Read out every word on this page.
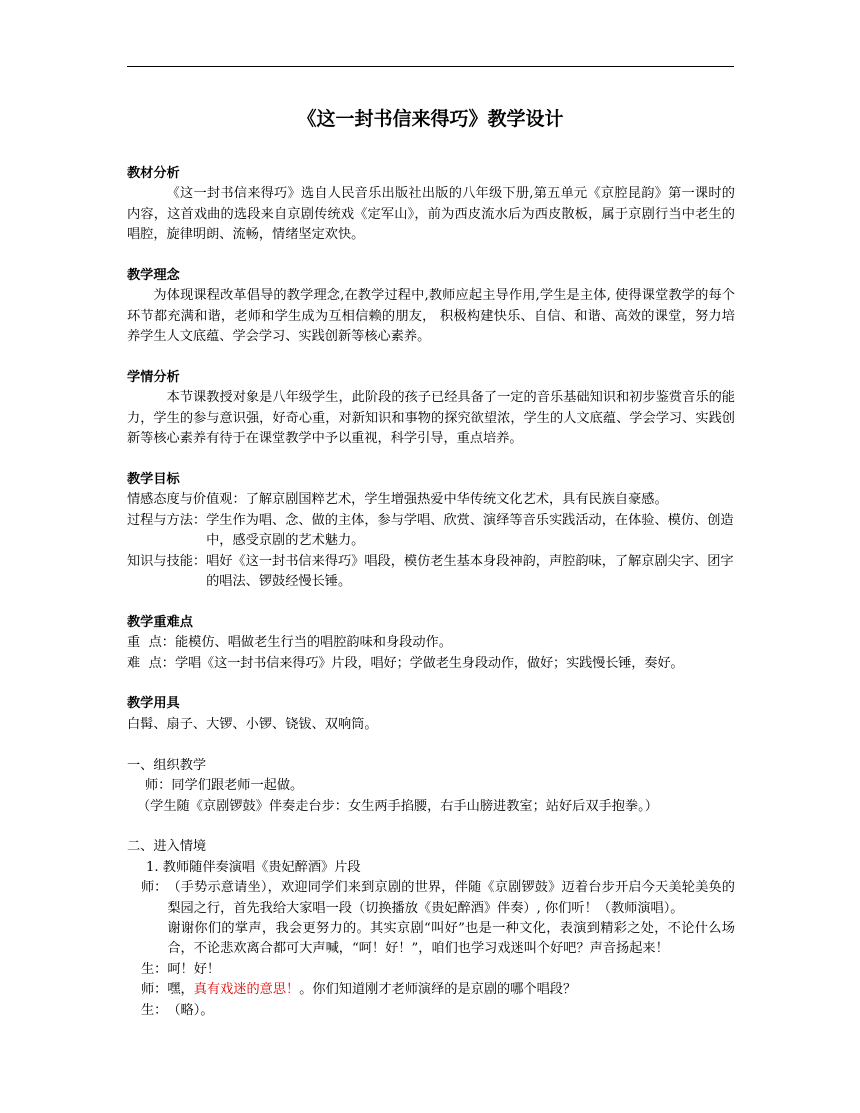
《这一封书信来得巧》教学设计
教材分析
《这一封书信来得巧》选自人民音乐出版社出版的八年级下册,第五单元《京腔昆韵》第一课时的内容，这首戏曲的选段来自京剧传统戏《定军山》，前为西皮流水后为西皮散板，属于京剧行当中老生的唱腔，旋律明朗、流畅，情绪坚定欢快。
教学理念
为体现课程改革倡导的教学理念,在教学过程中,教师应起主导作用,学生是主体, 使得课堂教学的每个环节都充满和谐，老师和学生成为互相信赖的朋友， 积极构建快乐、自信、和谐、高效的课堂，努力培养学生人文底蕴、学会学习、实践创新等核心素养。
学情分析
本节课教授对象是八年级学生，此阶段的孩子已经具备了一定的音乐基础知识和初步鉴赏音乐的能力，学生的参与意识强，好奇心重，对新知识和事物的探究欲望浓，学生的人文底蕴、学会学习、实践创新等核心素养有待于在课堂教学中予以重视，科学引导，重点培养。
教学目标
情感态度与价值观： 了解京剧国粹艺术，学生增强热爱中华传统文化艺术，具有民族自豪感。
过程与方法： 学生作为唱、念、做的主体，参与学唱、欣赏、演绎等音乐实践活动，在体验、模仿、创造中，感受京剧的艺术魅力。
知识与技能： 唱好《这一封书信来得巧》唱段，模仿老生基本身段神韵，声腔韵味，了解京剧尖字、团字的唱法、锣鼓经慢长锤。
教学重难点
重  点： 能模仿、唱做老生行当的唱腔韵味和身段动作。
难  点： 学唱《这一封书信来得巧》片段，唱好；学做老生身段动作，做好；实践慢长锤，奏好。
教学用具
白髯、扇子、大锣、小锣、铙钹、双响筒。
一、组织教学
师： 同学们跟老师一起做。
（学生随《京剧锣鼓》伴奏走台步：女生两手掐腰，右手山膀进教室；站好后双手抱拳。）
二、进入情境
1. 教师随伴奏演唱《贵妃醉酒》片段
师： （手势示意请坐），欢迎同学们来到京剧的世界，伴随《京剧锣鼓》迈着台步开启今天美轮美奂的梨园之行，首先我给大家唱一段（切换播放《贵妃醉酒》伴奏）, 你们听！（教师演唱）。
谢谢你们的掌声，我会更努力的。其实京剧“叫好”也是一种文化，表演到精彩之处，不论什么场合，不论悲欢离合都可大声喊，“呵！好！”，咱们也学习戏迷叫个好吧？声音扬起来！
生： 呵！好！
师： 嘿，真有戏迷的意思！。你们知道刚才老师演绎的是京剧的哪个唱段？
生： （略）。
